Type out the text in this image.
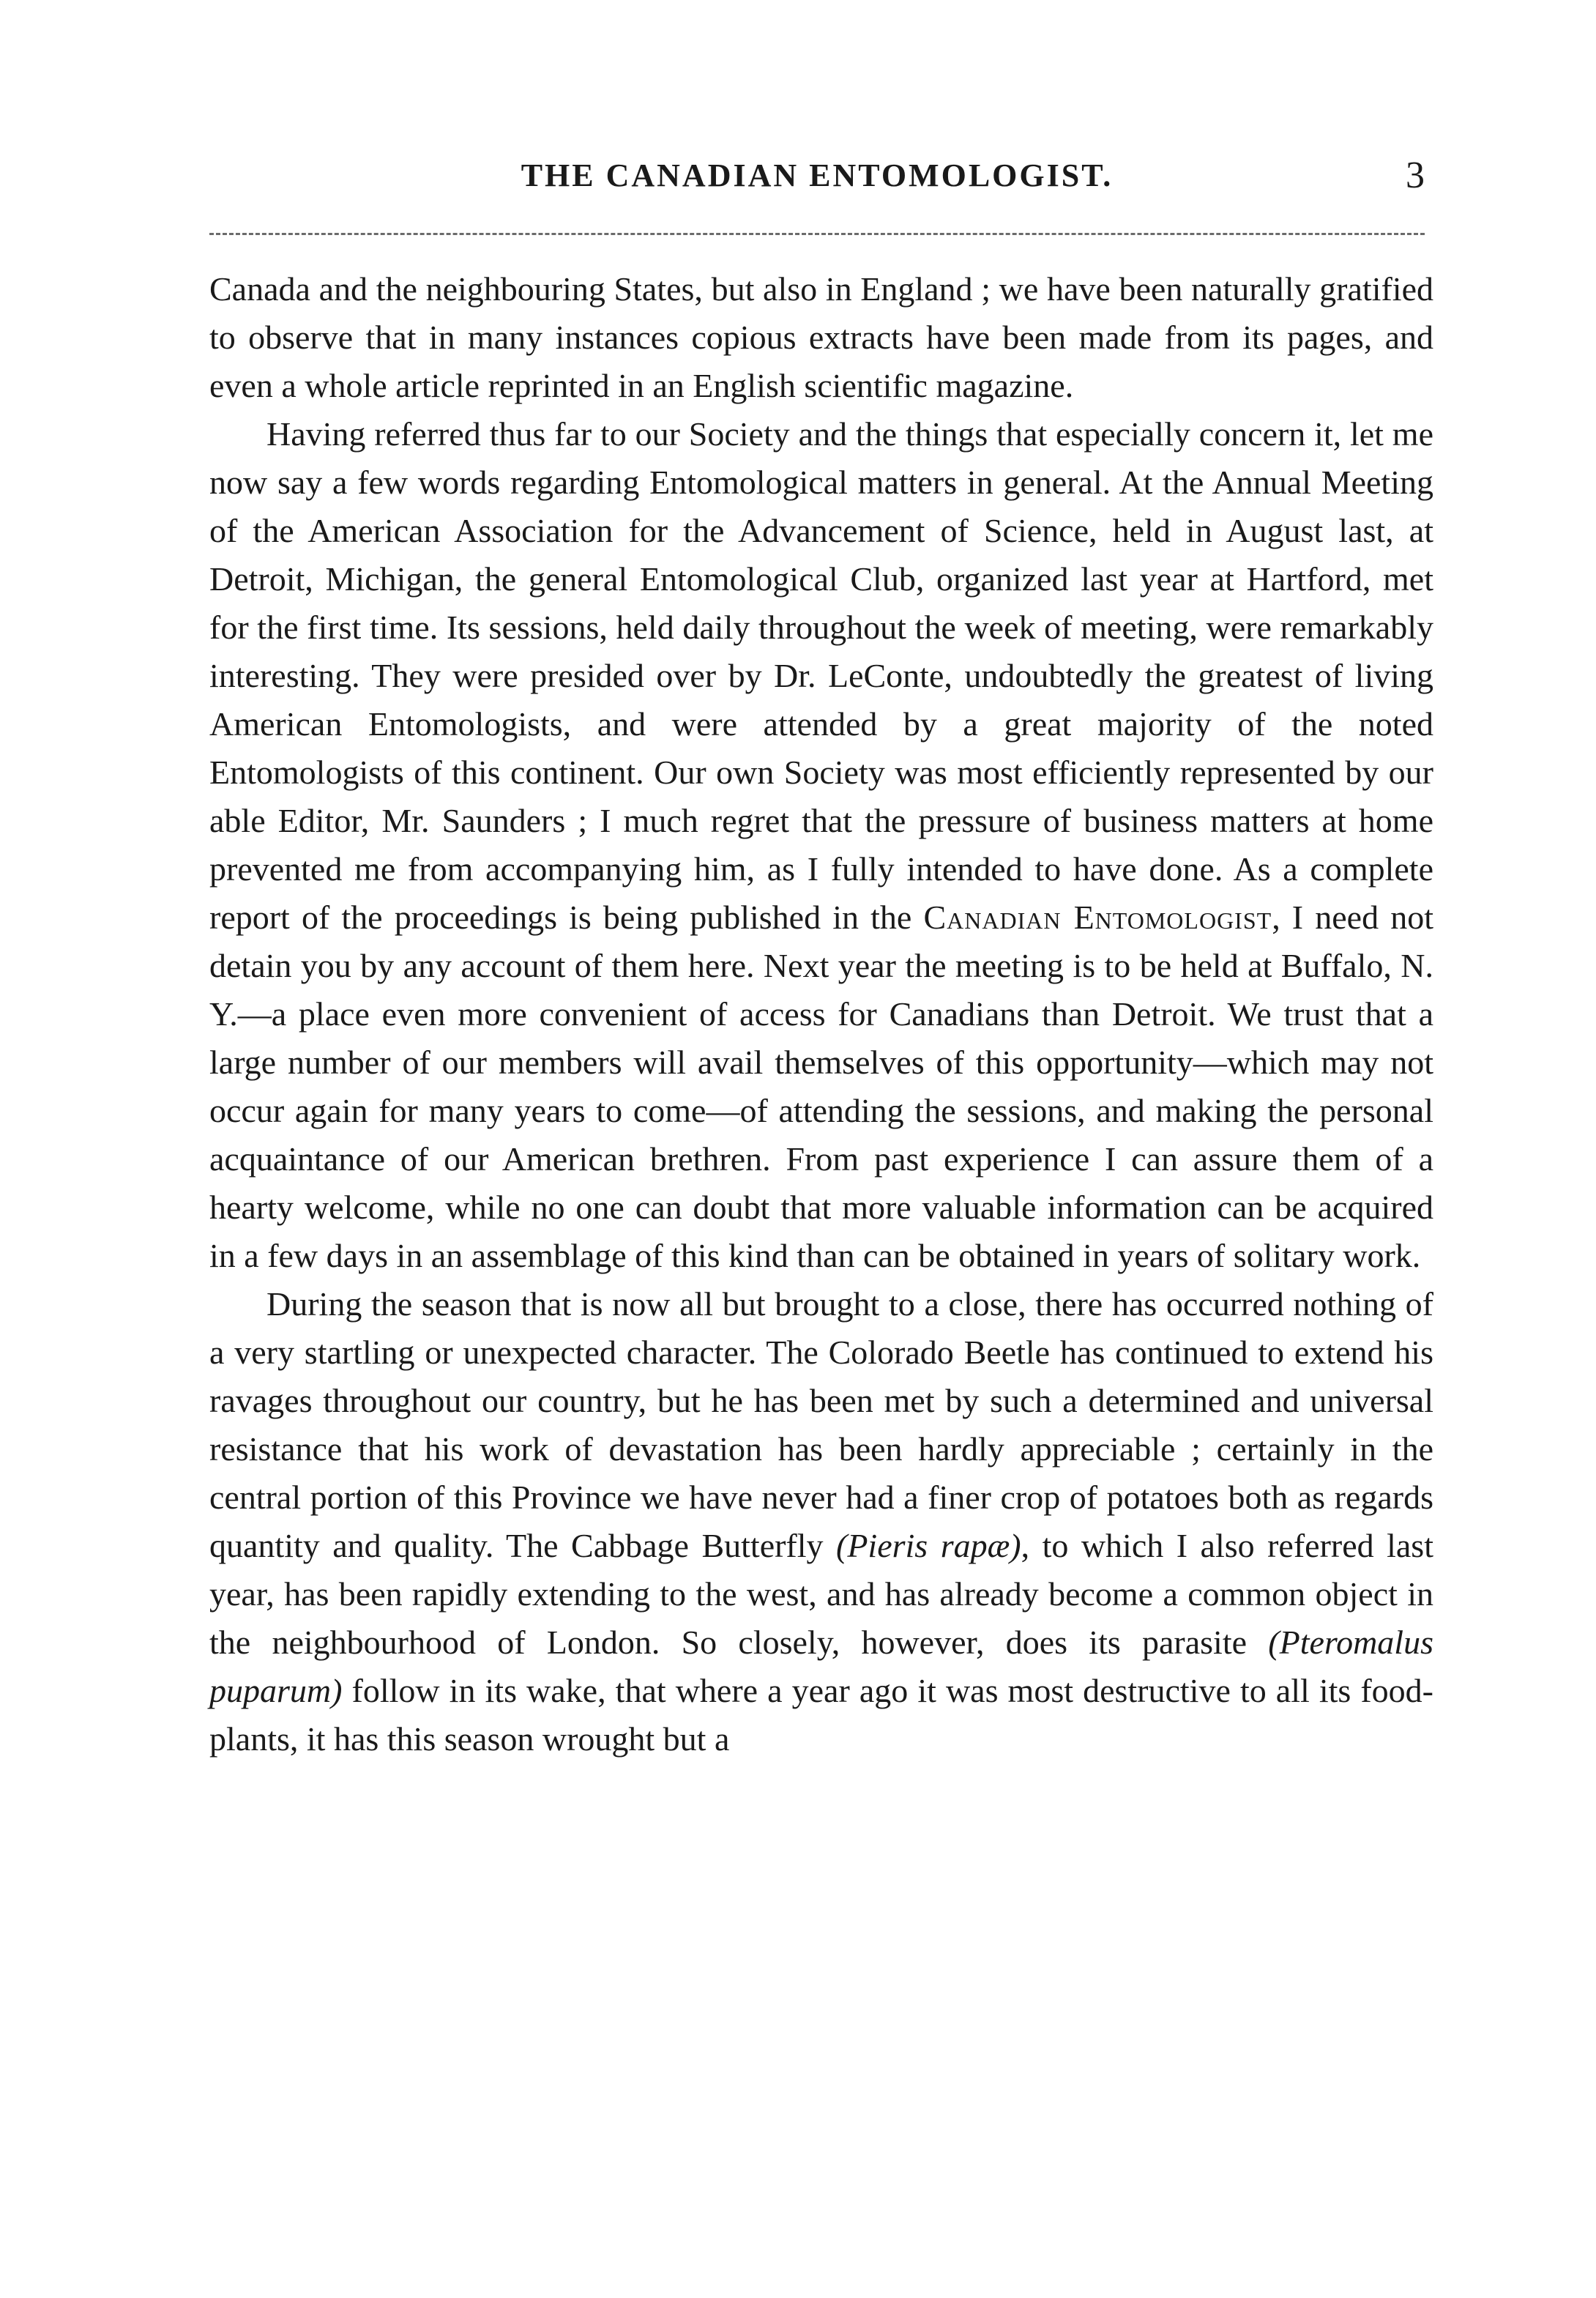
THE CANADIAN ENTOMOLOGIST.	3

Canada and the neighbouring States, but also in England ; we have been naturally gratified to observe that in many instances copious extracts have been made from its pages, and even a whole article reprinted in an English scientific magazine.

Having referred thus far to our Society and the things that especially concern it, let me now say a few words regarding Entomological matters in general. At the Annual Meeting of the American Association for the Advancement of Science, held in August last, at Detroit, Michigan, the general Entomological Club, organized last year at Hartford, met for the first time. Its sessions, held daily throughout the week of meeting, were remarkably interesting. They were presided over by Dr. LeConte, undoubtedly the greatest of living American Entomologists, and were attended by a great majority of the noted Entomologists of this continent. Our own Society was most efficiently represented by our able Editor, Mr. Saunders ; I much regret that the pressure of business matters at home prevented me from accompanying him, as I fully intended to have done. As a complete report of the proceedings is being published in the Canadian Entomologist, I need not detain you by any account of them here. Next year the meeting is to be held at Buffalo, N. Y.—a place even more convenient of access for Canadians than Detroit. We trust that a large number of our members will avail themselves of this opportunity—which may not occur again for many years to come—of attending the sessions, and making the personal acquaintance of our American brethren. From past experience I can assure them of a hearty welcome, while no one can doubt that more valuable information can be acquired in a few days in an assemblage of this kind than can be obtained in years of solitary work.

During the season that is now all but brought to a close, there has occurred nothing of a very startling or unexpected character. The Colorado Beetle has continued to extend his ravages throughout our country, but he has been met by such a determined and universal resistance that his work of devastation has been hardly appreciable ; certainly in the central portion of this Province we have never had a finer crop of potatoes both as regards quantity and quality. The Cabbage Butterfly (Pieris rapæ), to which I also referred last year, has been rapidly extending to the west, and has already become a common object in the neighbourhood of London. So closely, however, does its parasite (Pteromalus puparum) follow in its wake, that where a year ago it was most destructive to all its food-plants, it has this season wrought but a
